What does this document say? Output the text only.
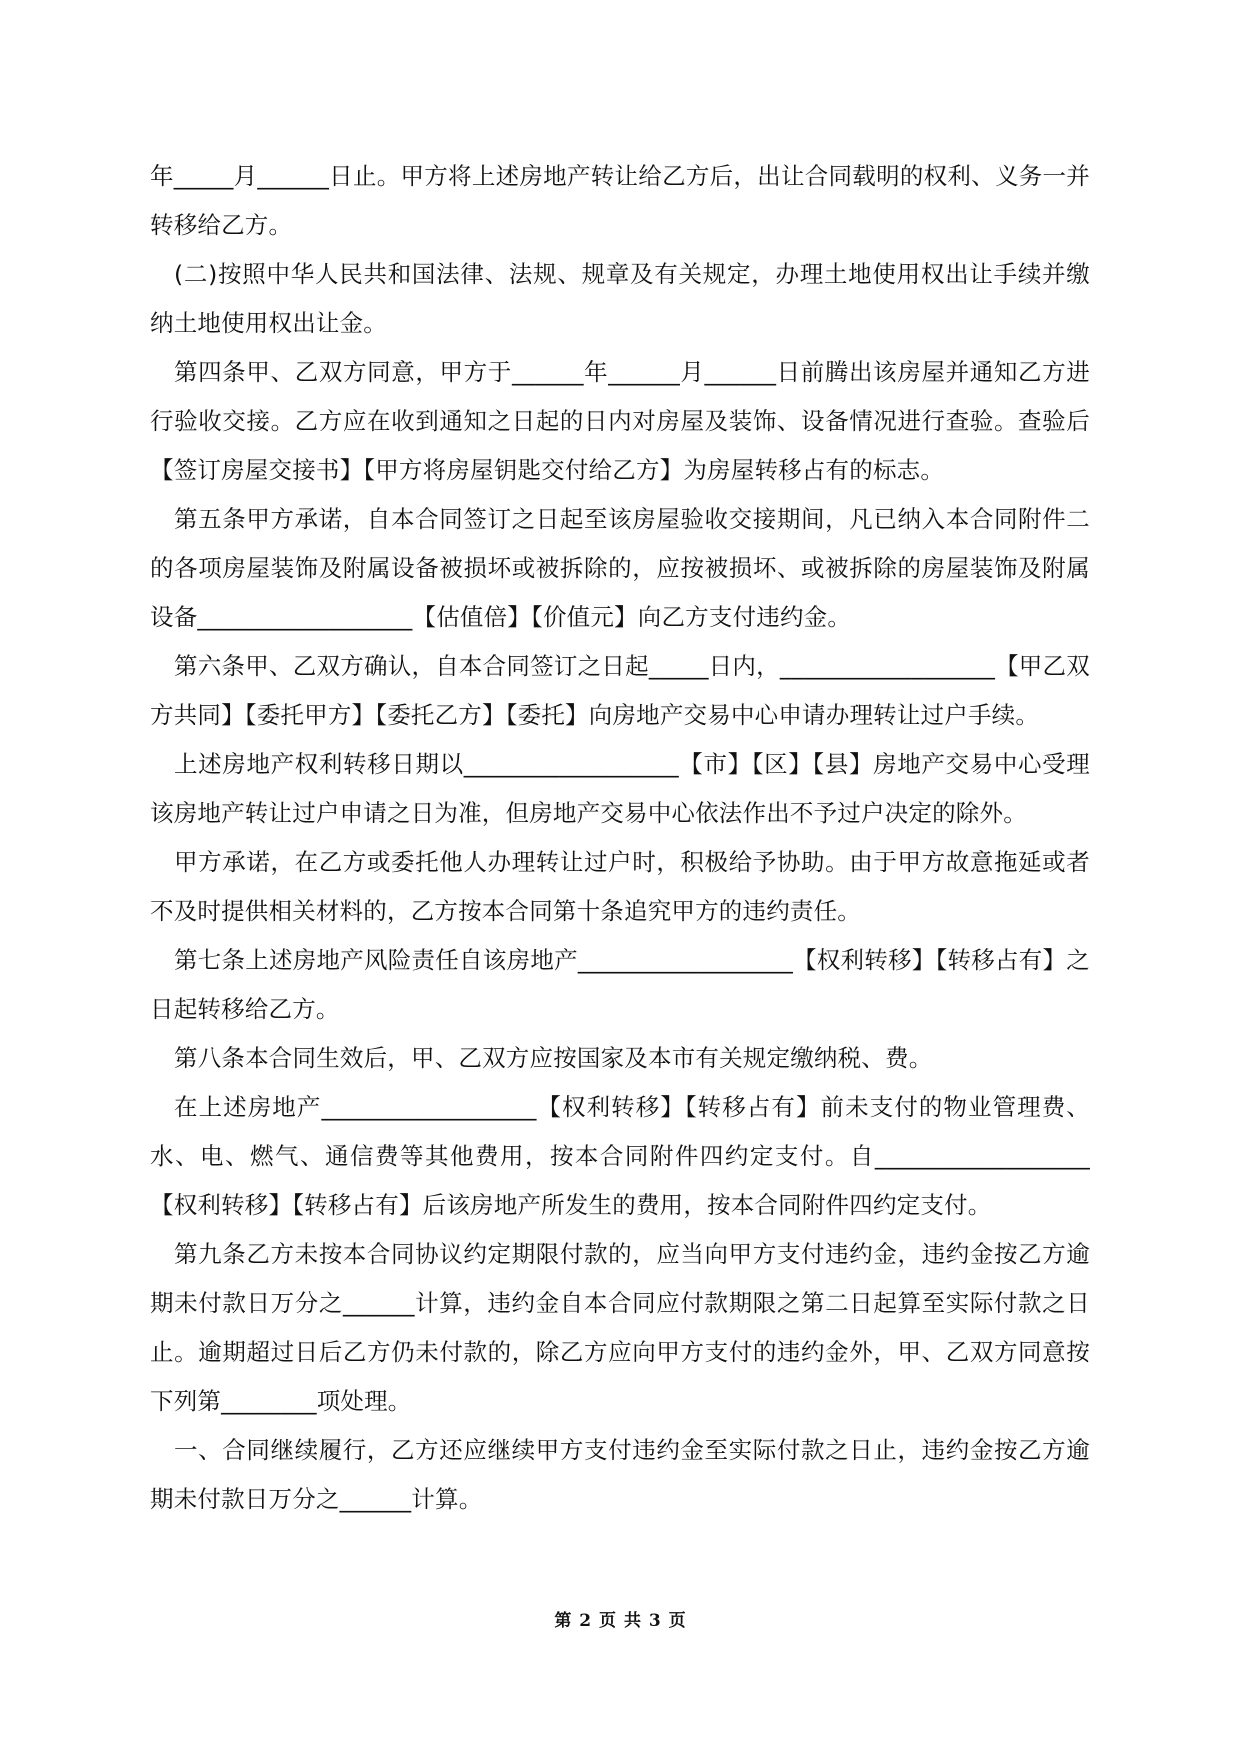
年_____月______日止。甲方将上述房地产转让给乙方后，出让合同载明的权利、义务一并转移给乙方。

(二)按照中华人民共和国法律、法规、规章及有关规定，办理土地使用权出让手续并缴纳土地使用权出让金。

第四条甲、乙双方同意，甲方于______年______月______日前腾出该房屋并通知乙方进行验收交接。乙方应在收到通知之日起的日内对房屋及装饰、设备情况进行查验。查验后【签订房屋交接书】【甲方将房屋钥匙交付给乙方】为房屋转移占有的标志。

第五条甲方承诺，自本合同签订之日起至该房屋验收交接期间，凡已纳入本合同附件二的各项房屋装饰及附属设备被损坏或被拆除的，应按被损坏、或被拆除的房屋装饰及附属设备__________________【估值倍】【价值元】向乙方支付违约金。

第六条甲、乙双方确认，自本合同签订之日起_____日内，__________________【甲乙双方共同】【委托甲方】【委托乙方】【委托】向房地产交易中心申请办理转让过户手续。

上述房地产权利转移日期以__________________【市】【区】【县】房地产交易中心受理该房地产转让过户申请之日为准，但房地产交易中心依法作出不予过户决定的除外。

甲方承诺，在乙方或委托他人办理转让过户时，积极给予协助。由于甲方故意拖延或者不及时提供相关材料的，乙方按本合同第十条追究甲方的违约责任。

第七条上述房地产风险责任自该房地产__________________【权利转移】【转移占有】之日起转移给乙方。

第八条本合同生效后，甲、乙双方应按国家及本市有关规定缴纳税、费。

在上述房地产__________________【权利转移】【转移占有】前未支付的物业管理费、水、电、燃气、通信费等其他费用，按本合同附件四约定支付。自__________________【权利转移】【转移占有】后该房地产所发生的费用，按本合同附件四约定支付。

第九条乙方未按本合同协议约定期限付款的，应当向甲方支付违约金，违约金按乙方逾期未付款日万分之______计算，违约金自本合同应付款期限之第二日起算至实际付款之日止。逾期超过日后乙方仍未付款的，除乙方应向甲方支付的违约金外，甲、乙双方同意按下列第________项处理。

一、合同继续履行，乙方还应继续甲方支付违约金至实际付款之日止，违约金按乙方逾期未付款日万分之______计算。

第 2 页 共 3 页
